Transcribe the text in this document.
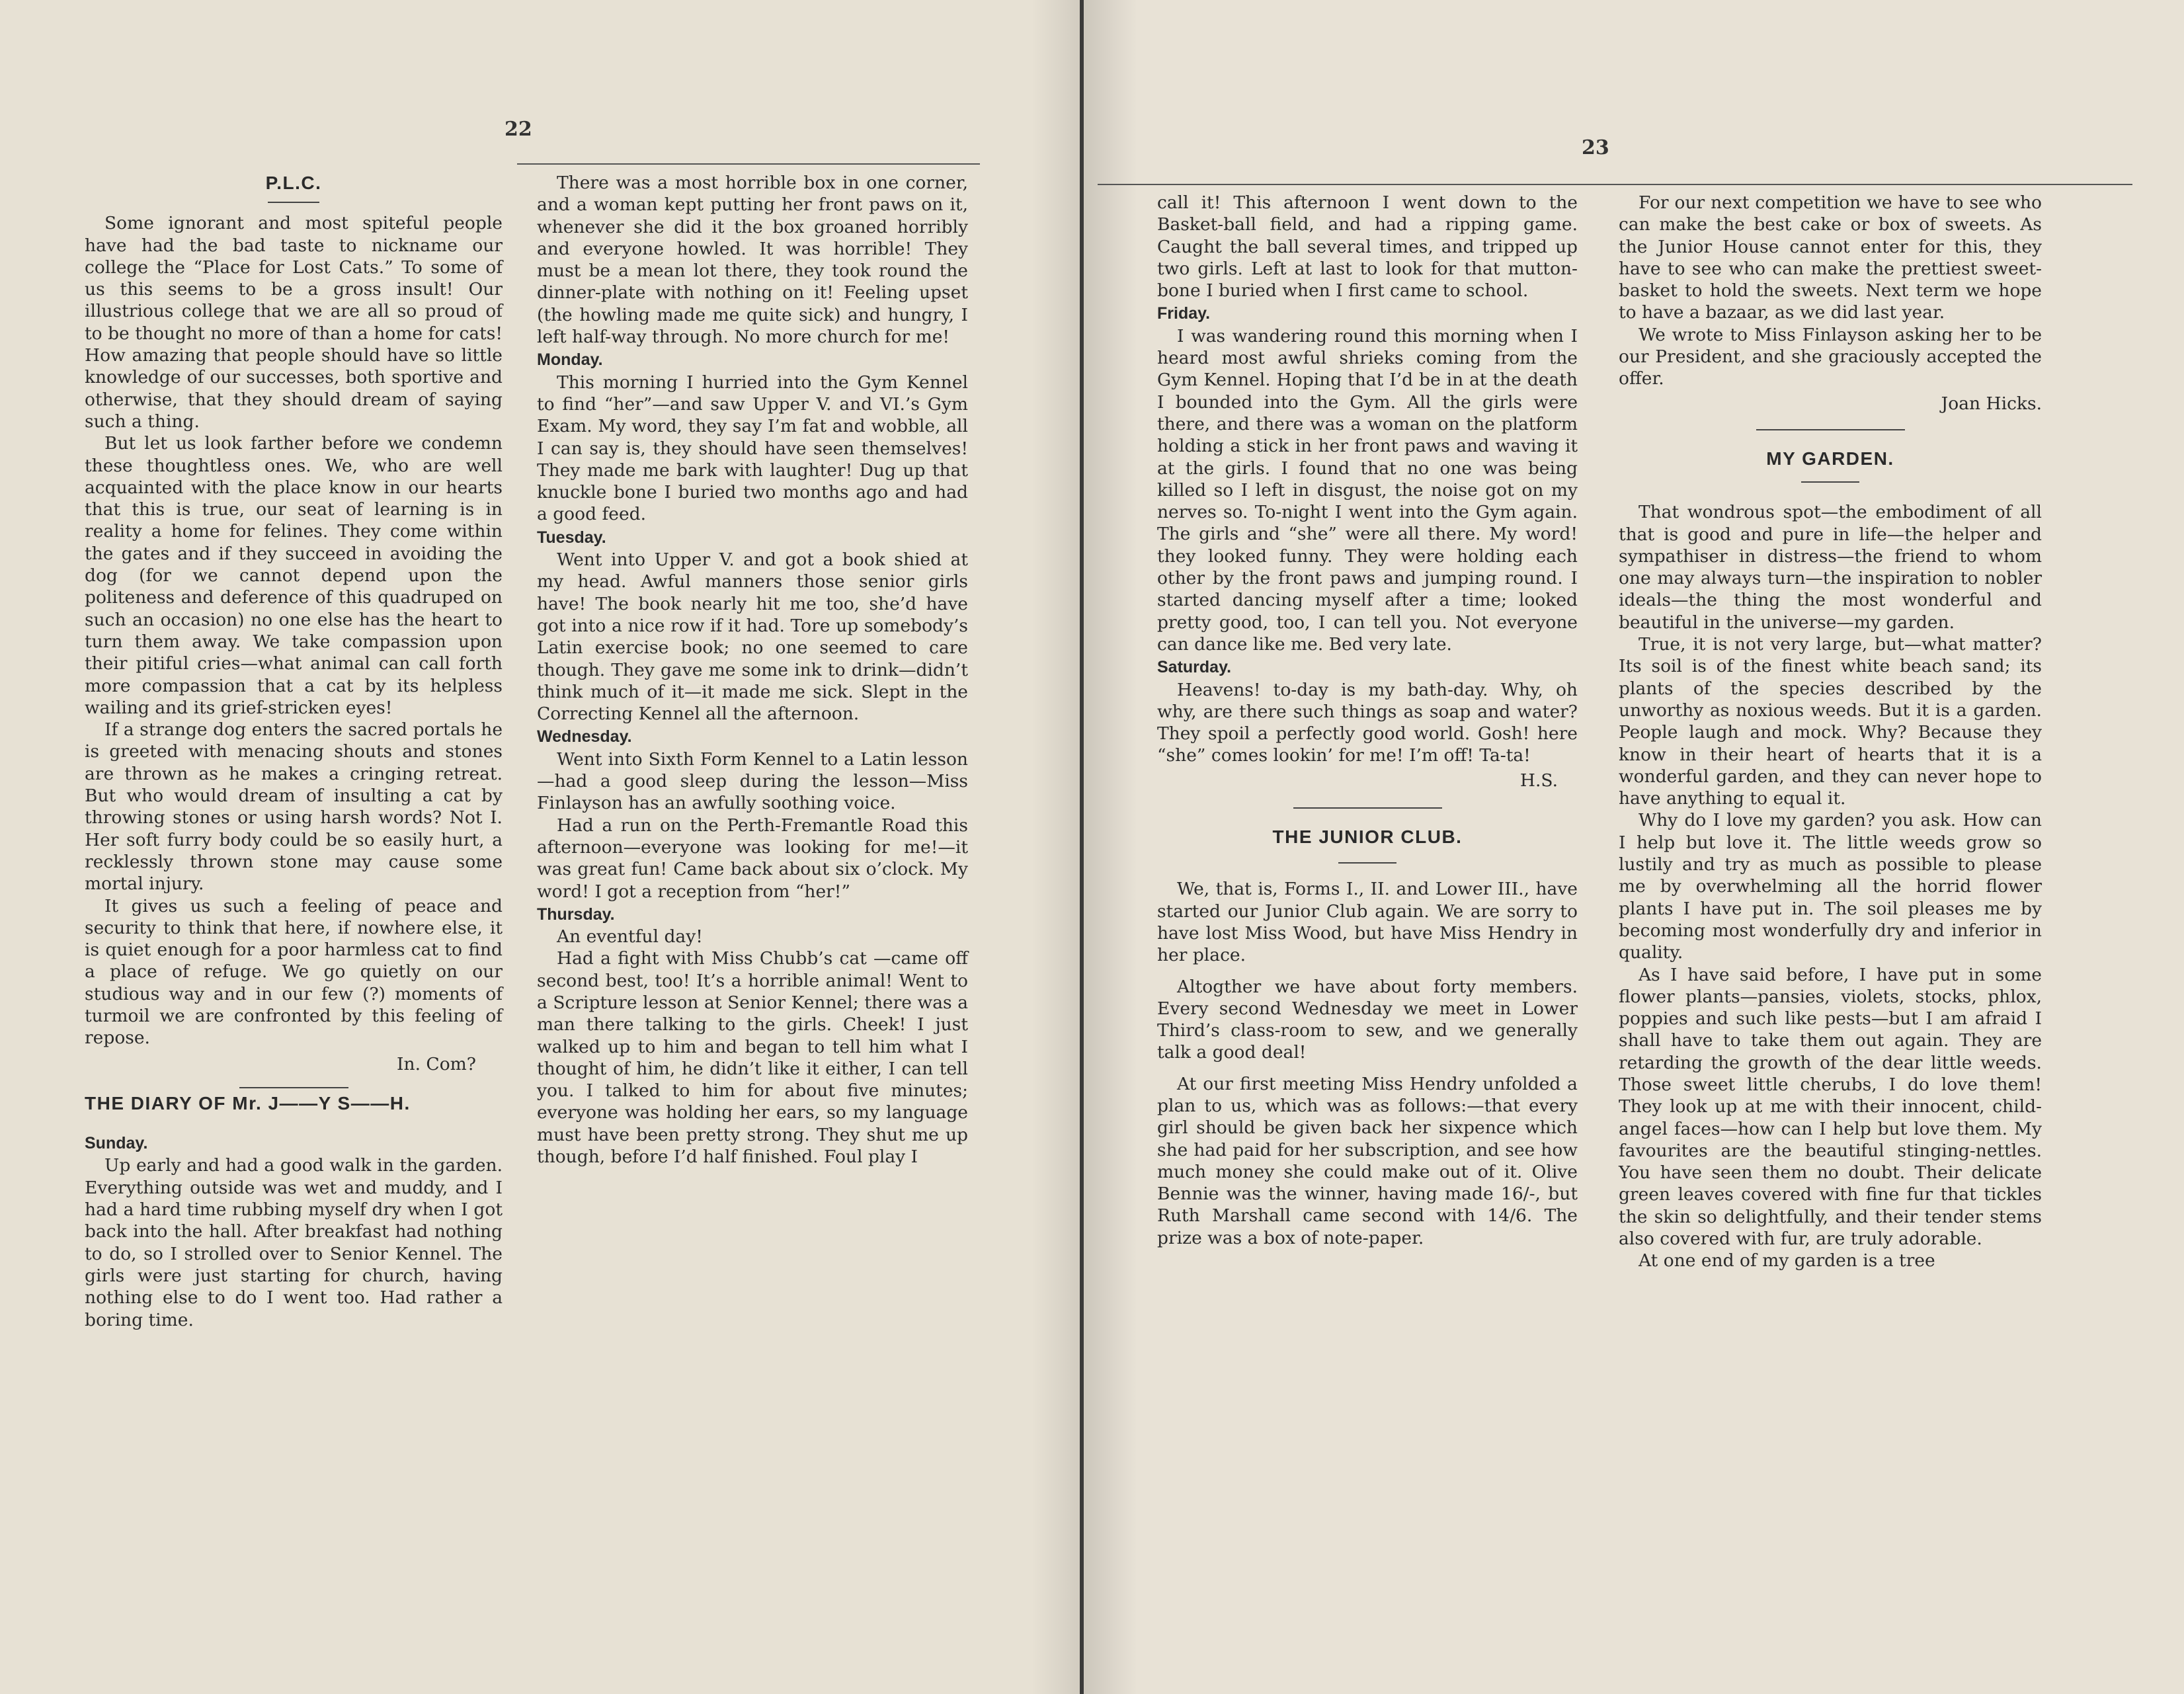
22
P.L.C.

Some ignorant and most spiteful people have had the bad taste to nickname our college the “Place for Lost Cats.” To some of us this seems to be a gross insult! Our illustrious college that we are all so proud of to be thought no more of than a home for cats! How amazing that people should have so little knowledge of our successes, both sportive and otherwise, that they should dream of saying such a thing.

But let us look farther before we condemn these thoughtless ones. We, who are well acquainted with the place know in our hearts that this is true, our seat of learning is in reality a home for felines. They come within the gates and if they succeed in avoiding the dog (for we cannot depend upon the politeness and deference of this quadruped on such an occasion) no one else has the heart to turn them away. We take compassion upon their pitiful cries—what animal can call forth more compassion that a cat by its helpless wailing and its grief-stricken eyes!

If a strange dog enters the sacred portals he is greeted with menacing shouts and stones are thrown as he makes a cringing retreat. But who would dream of insulting a cat by throwing stones or using harsh words? Not I. Her soft furry body could be so easily hurt, a recklessly thrown stone may cause some mortal injury.

It gives us such a feeling of peace and security to think that here, if nowhere else, it is quiet enough for a poor harmless cat to find a place of refuge. We go quietly on our studious way and in our few (?) moments of turmoil we are confronted by this feeling of repose.

In. Com?
THE DIARY OF Mr. J——Y S——H.
Sunday.

Up early and had a good walk in the garden. Everything outside was wet and muddy, and I had a hard time rubbing myself dry when I got back into the hall. After breakfast had nothing to do, so I strolled over to Senior Kennel. The girls were just starting for church, having nothing else to do I went too. Had rather a boring time.

There was a most horrible box in one corner, and a woman kept putting her front paws on it, whenever she did it the box groaned horribly and everyone howled. It was horrible! They must be a mean lot there, they took round the dinner-plate with nothing on it! Feeling upset (the howling made me quite sick) and hungry, I left half-way through. No more church for me!

Monday.

This morning I hurried into the Gym Kennel to find “her”—and saw Upper V. and VI.’s Gym Exam. My word, they say I’m fat and wobble, all I can say is, they should have seen themselves! They made me bark with laughter! Dug up that knuckle bone I buried two months ago and had a good feed.

Tuesday.

Went into Upper V. and got a book shied at my head. Awful manners those senior girls have! The book nearly hit me too, she’d have got into a nice row if it had. Tore up somebody’s Latin exercise book; no one seemed to care though. They gave me some ink to drink—didn’t think much of it—it made me sick. Slept in the Correcting Kennel all the afternoon.

Wednesday.

Went into Sixth Form Kennel to a Latin lesson—had a good sleep during the lesson—Miss Finlayson has an awfully soothing voice.

Had a run on the Perth-Fremantle Road this afternoon—everyone was looking for me!—it was great fun! Came back about six o’clock. My word! I got a reception from “her!”

Thursday.

An eventful day!

Had a fight with Miss Chubb’s cat —came off second best, too! It’s a horrible animal! Went to a Scripture lesson at Senior Kennel; there was a man there talking to the girls. Cheek! I just walked up to him and began to tell him what I thought of him, he didn’t like it either, I can tell you. I talked to him for about five minutes; everyone was holding her ears, so my language must have been pretty strong. They shut me up though, before I’d half finished. Foul play I

23

call it! This afternoon I went down to the Basket-ball field, and had a ripping game. Caught the ball several times, and tripped up two girls. Left at last to look for that mutton-bone I buried when I first came to school.

Friday.

I was wandering round this morning when I heard most awful shrieks coming from the Gym Kennel. Hoping that I’d be in at the death I bounded into the Gym. All the girls were there, and there was a woman on the platform holding a stick in her front paws and waving it at the girls. I found that no one was being killed so I left in disgust, the noise got on my nerves so. To-night I went into the Gym again. The girls and “she” were all there. My word! they looked funny. They were holding each other by the front paws and jumping round. I started dancing myself after a time; looked pretty good, too, I can tell you. Not everyone can dance like me. Bed very late.

Saturday.

Heavens! to-day is my bath-day. Why, oh why, are there such things as soap and water? They spoil a perfectly good world. Gosh! here “she” comes lookin’ for me! I’m off! Ta-ta!

H.S.
THE JUNIOR CLUB.

We, that is, Forms I., II. and Lower III., have started our Junior Club again. We are sorry to have lost Miss Wood, but have Miss Hendry in her place.

Altogther we have about forty members. Every second Wednesday we meet in Lower Third’s class-room to sew, and we generally talk a good deal!

At our first meeting Miss Hendry unfolded a plan to us, which was as follows:—that every girl should be given back her sixpence which she had paid for her subscription, and see how much money she could make out of it. Olive Bennie was the winner, having made 16/-, but Ruth Marshall came second with 14/6. The prize was a box of note-paper.

For our next competition we have to see who can make the best cake or box of sweets. As the Junior House cannot enter for this, they have to see who can make the prettiest sweet-basket to hold the sweets. Next term we hope to have a bazaar, as we did last year.

We wrote to Miss Finlayson asking her to be our President, and she graciously accepted the offer.

Joan Hicks.
MY GARDEN.

That wondrous spot—the embodiment of all that is good and pure in life—the helper and sympathiser in distress—the friend to whom one may always turn—the inspiration to nobler ideals—the thing the most wonderful and beautiful in the universe—my garden.

True, it is not very large, but—what matter? Its soil is of the finest white beach sand; its plants of the species described by the unworthy as noxious weeds. But it is a garden. People laugh and mock. Why? Because they know in their heart of hearts that it is a wonderful garden, and they can never hope to have anything to equal it.

Why do I love my garden? you ask. How can I help but love it. The little weeds grow so lustily and try as much as possible to please me by overwhelming all the horrid flower plants I have put in. The soil pleases me by becoming most wonderfully dry and inferior in quality.

As I have said before, I have put in some flower plants—pansies, violets, stocks, phlox, poppies and such like pests—but I am afraid I shall have to take them out again. They are retarding the growth of the dear little weeds. Those sweet little cherubs, I do love them! They look up at me with their innocent, child-angel faces—how can I help but love them. My favourites are the beautiful stinging-nettles. You have seen them no doubt. Their delicate green leaves covered with fine fur that tickles the skin so delightfully, and their tender stems also covered with fur, are truly adorable.

At one end of my garden is a tree
